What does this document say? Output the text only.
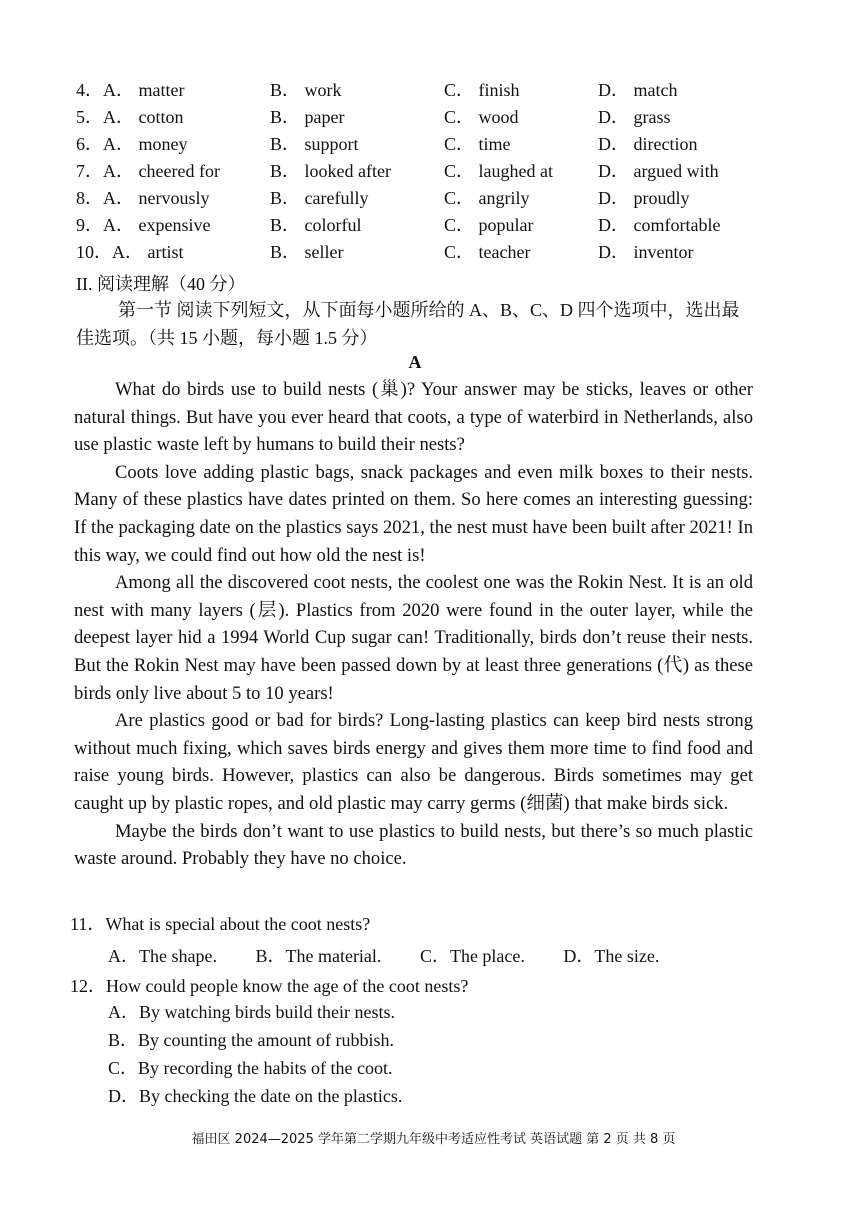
4．A． matter	B． work	C． finish	D． match
5．A． cotton	B． paper	C． wood	D． grass
6．A． money	B． support	C． time	D． direction
7．A． cheered for	B． looked after	C． laughed at	D． argued with
8．A． nervously	B． carefully	C． angrily	D． proudly
9．A． expensive	B． colorful	C． popular	D． comfortable
10．A． artist	B． seller	C． teacher	D． inventor
II. 阅读理解（40 分）
第一节 阅读下列短文，从下面每小题所给的 A、B、C、D 四个选项中，选出最佳选项。（共 15 小题，每小题 1.5 分）
A

What do birds use to build nests (巢)? Your answer may be sticks, leaves or other natural things. But have you ever heard that coots, a type of waterbird in Netherlands, also use plastic waste left by humans to build their nests?

Coots love adding plastic bags, snack packages and even milk boxes to their nests. Many of these plastics have dates printed on them. So here comes an interesting guessing: If the packaging date on the plastics says 2021, the nest must have been built after 2021! In this way, we could find out how old the nest is!

Among all the discovered coot nests, the coolest one was the Rokin Nest. It is an old nest with many layers (层). Plastics from 2020 were found in the outer layer, while the deepest layer hid a 1994 World Cup sugar can! Traditionally, birds don’t reuse their nests. But the Rokin Nest may have been passed down by at least three generations (代) as these birds only live about 5 to 10 years!

Are plastics good or bad for birds? Long-lasting plastics can keep bird nests strong without much fixing, which saves birds energy and gives them more time to find food and raise young birds. However, plastics can also be dangerous. Birds sometimes may get caught up by plastic ropes, and old plastic may carry germs (细菌) that make birds sick.

Maybe the birds don’t want to use plastics to build nests, but there’s so much plastic waste around. Probably they have no choice.

11．What is special about the coot nests?
A．The shape. B．The material. C．The place. D．The size.
12．How could people know the age of the coot nests?
A．By watching birds build their nests.
B．By counting the amount of rubbish.
C．By recording the habits of the coot.
D．By checking the date on the plastics.
福田区 2024—2025 学年第二学期九年级中考适应性考试 英语试题 第 2 页 共 8 页
